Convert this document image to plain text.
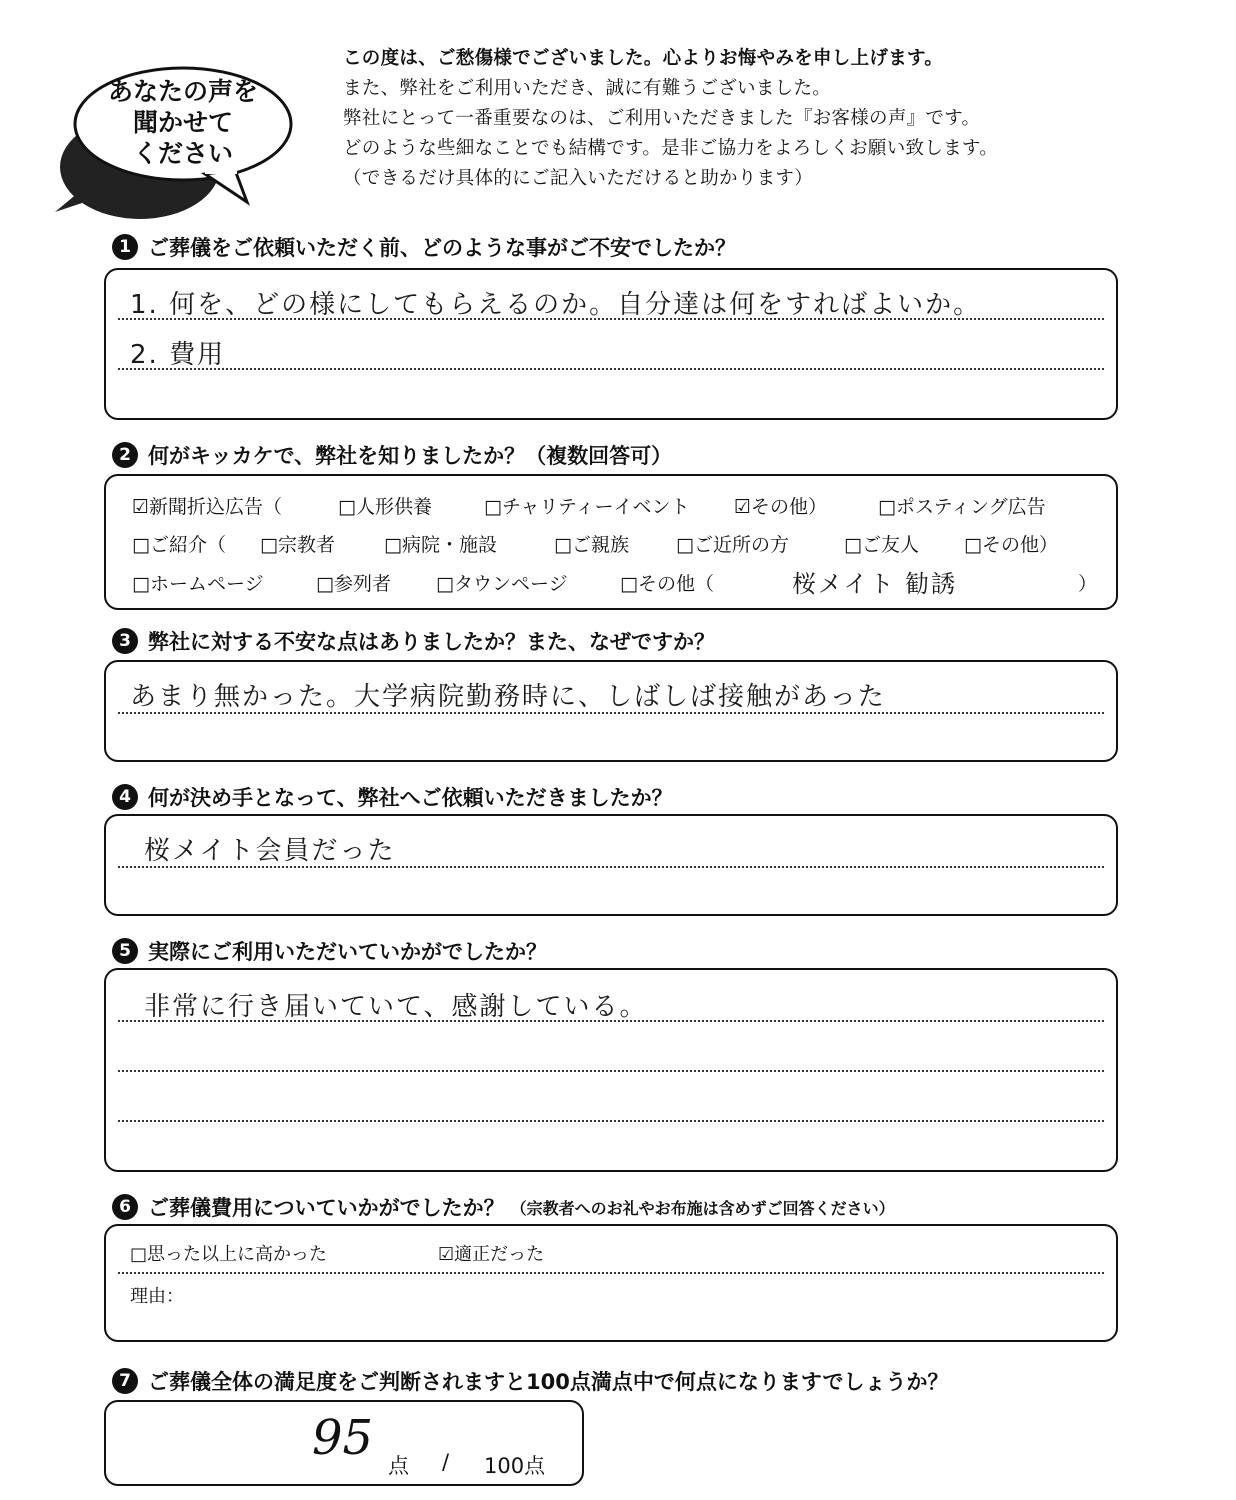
あなたの声を
聞かせて
ください
この度は、ご愁傷様でございました。心よりお悔やみを申し上げます。
また、弊社をご利用いただき、誠に有難うございました。
弊社にとって一番重要なのは、ご利用いただきました『お客様の声』です。
どのような些細なことでも結構です。是非ご協力をよろしくお願い致します。
（できるだけ具体的にご記入いただけると助かります）
1 ご葬儀をご依頼いただく前、どのような事がご不安でしたか？
1. 何を、どの様にしてもらえるのか。自分達は何をすればよいか。
2. 費用
2 何がキッカケで、弊社を知りましたか？（複数回答可）
☑新聞折込広告（	□人形供養	□チャリティーイベント ☑その他）	□ポスティング広告
□ご紹介（ □宗教者	□病院・施設	□ご親族 □ご近所の方	□ご友人 □その他）
□ホームページ	□参列者 □タウンページ	□その他（	桜メイト 勧誘	）
3 弊社に対する不安な点はありましたか？また、なぜですか？
あまり無かった。大学病院勤務時に、しばしば接触があった
4 何が決め手となって、弊社へご依頼いただきましたか？
桜メイト会員だった
5 実際にご利用いただいていかがでしたか？
非常に行き届いていて、感謝している。
6 ご葬儀費用についていかがでしたか？ （宗教者へのお礼やお布施は含めずご回答ください）
□思った以上に高かった	☑適正だった
理由：
7 ご葬儀全体の満足度をご判断されますと100点満点中で何点になりますでしょうか？
95 点 / 100点
